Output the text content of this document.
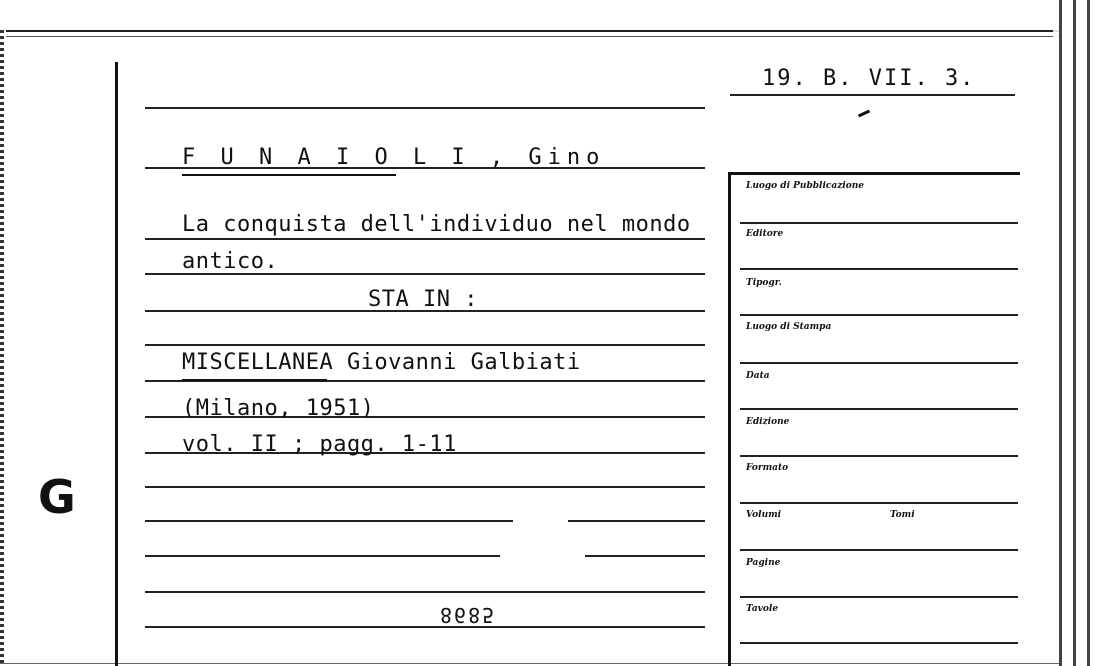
G
19. B. VII. 3.
F U N A I O L I , Gino
La conquista dell'individuo nel mondo
antico.
STA IN :
MISCELLANEA Giovanni Galbiati
(Milano, 1951)
vol. II ; pagg. 1-11
8685
Luogo di Pubblicazione
Editore
Tipogr.
Luogo di Stampa
Data
Edizione
Formato
Volumi	Tomi
Pagine
Tavole
